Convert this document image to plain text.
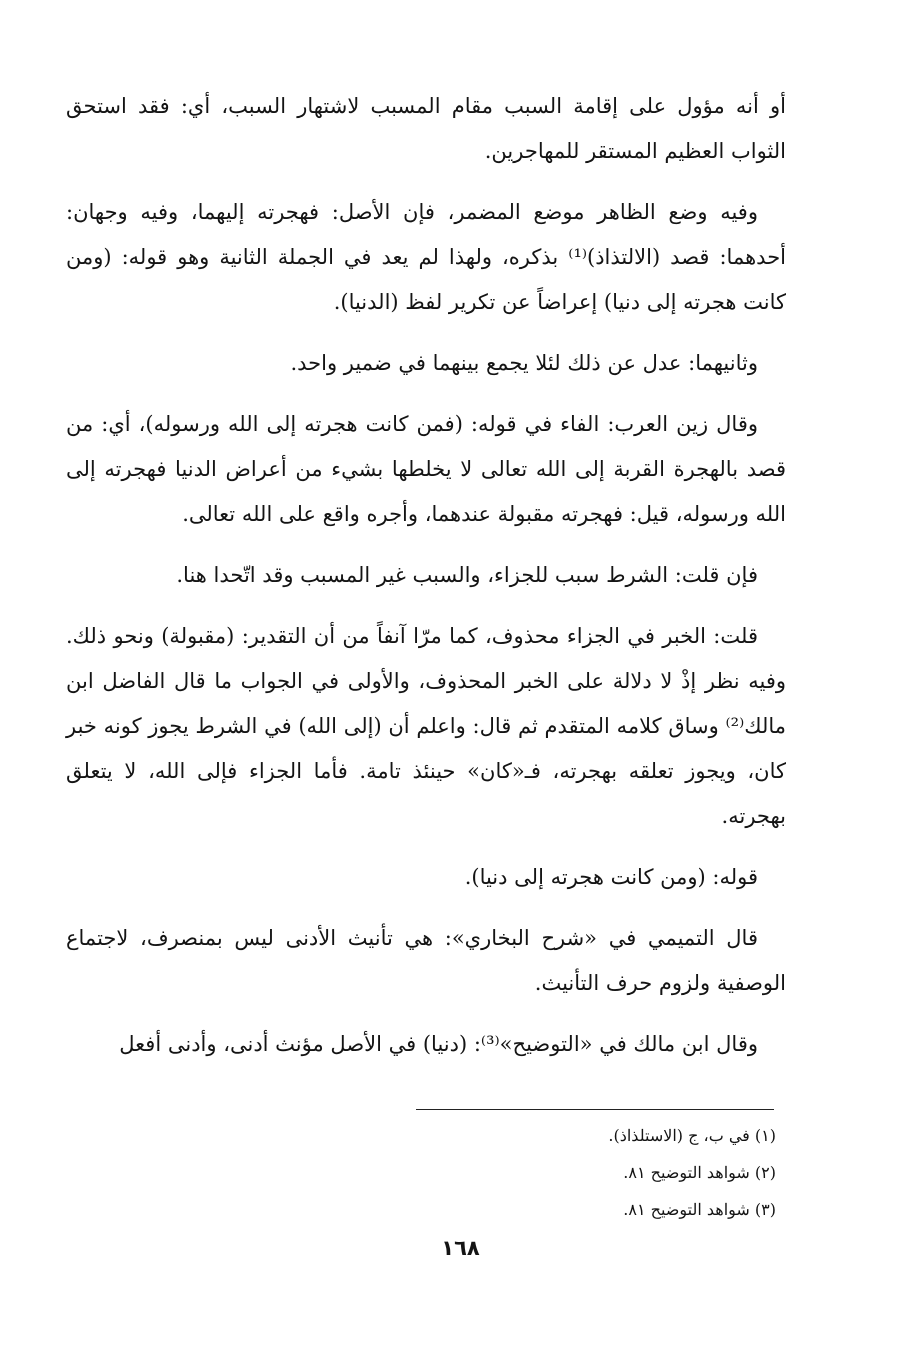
أو أنه مؤول على إقامة السبب مقام المسبب لاشتهار السبب، أي: فقد استحق الثواب العظيم المستقر للمهاجرين.

وفيه وضع الظاهر موضع المضمر، فإن الأصل: فهجرته إليهما، وفيه وجهان: أحدهما: قصد (الالتذاذ)⁽¹⁾ بذكره، ولهذا لم يعد في الجملة الثانية وهو قوله: (ومن كانت هجرته إلى دنيا) إعراضاً عن تكرير لفظ (الدنيا).

وثانيهما: عدل عن ذلك لئلا يجمع بينهما في ضمير واحد.

وقال زين العرب: الفاء في قوله: (فمن كانت هجرته إلى الله ورسوله)، أي: من قصد بالهجرة القربة إلى الله تعالى لا يخلطها بشيء من أعراض الدنيا فهجرته إلى الله ورسوله، قيل: فهجرته مقبولة عندهما، وأجره واقع على الله تعالى.

فإن قلت: الشرط سبب للجزاء، والسبب غير المسبب وقد اتّحدا هنا.

قلت: الخبر في الجزاء محذوف، كما مرّا آنفاً من أن التقدير: (مقبولة) ونحو ذلك. وفيه نظر إذْ لا دلالة على الخبر المحذوف، والأولى في الجواب ما قال الفاضل ابن مالك⁽²⁾ وساق كلامه المتقدم ثم قال: واعلم أن (إلى الله) في الشرط يجوز كونه خبر كان، ويجوز تعلقه بهجرته، فـ«كان» حينئذ تامة. فأما الجزاء فإلى الله، لا يتعلق بهجرته.

قوله: (ومن كانت هجرته إلى دنيا).

قال التميمي في «شرح البخاري»: هي تأنيث الأدنى ليس بمنصرف، لاجتماع الوصفية ولزوم حرف التأنيث.

وقال ابن مالك في «التوضيح»⁽³⁾: (دنيا) في الأصل مؤنث أدنى، وأدنى أفعل

(١) في ب، ج (الاستلذاذ).
(٢) شواهد التوضيح ٨١.
(٣) شواهد التوضيح ٨١.
١٦٨
